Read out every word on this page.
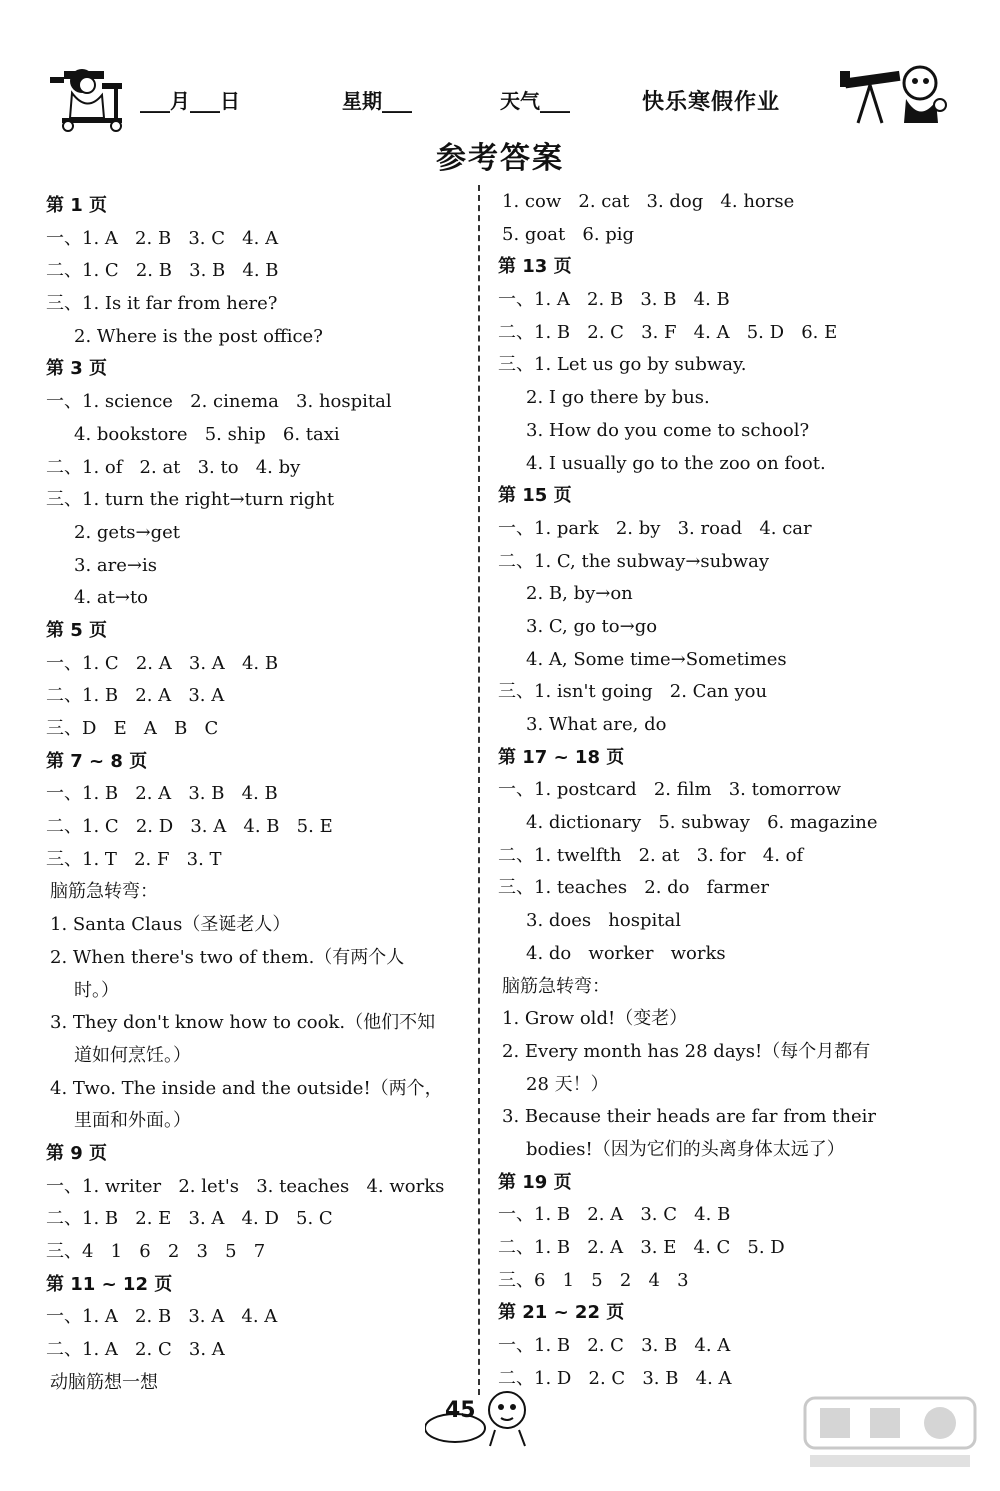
___月___日	星期___	天气___	快乐寒假作业
参考答案
第 1 页
一、1. A   2. B   3. C   4. A
二、1. C   2. B   3. B   4. B
三、1. Is it far from here?
2. Where is the post office?
第 3 页
一、1. science   2. cinema   3. hospital
4. bookstore   5. ship   6. taxi
二、1. of   2. at   3. to   4. by
三、1. turn the right→turn right
2. gets→get
3. are→is
4. at→to
第 5 页
一、1. C   2. A   3. A   4. B
二、1. B   2. A   3. A
三、D   E   A   B   C
第 7 ~ 8 页
一、1. B   2. A   3. B   4. B
二、1. C   2. D   3. A   4. B   5. E
三、1. T   2. F   3. T
脑筋急转弯：
1. Santa Claus（圣诞老人）
2. When there's two of them.（有两个人
时。）
3. They don't know how to cook.（他们不知
道如何烹饪。）
4. Two. The inside and the outside!（两个，
里面和外面。）
第 9 页
一、1. writer   2. let's   3. teaches   4. works
二、1. B   2. E   3. A   4. D   5. C
三、4   1   6   2   3   5   7
第 11 ~ 12 页
一、1. A   2. B   3. A   4. A
二、1. A   2. C   3. A
动脑筋想一想
1. cow   2. cat   3. dog   4. horse
5. goat   6. pig
第 13 页
一、1. A   2. B   3. B   4. B
二、1. B   2. C   3. F   4. A   5. D   6. E
三、1. Let us go by subway.
2. I go there by bus.
3. How do you come to school?
4. I usually go to the zoo on foot.
第 15 页
一、1. park   2. by   3. road   4. car
二、1. C, the subway→subway
2. B, by→on
3. C, go to→go
4. A, Some time→Sometimes
三、1. isn't going   2. Can you
3. What are, do
第 17 ~ 18 页
一、1. postcard   2. film   3. tomorrow
4. dictionary   5. subway   6. magazine
二、1. twelfth   2. at   3. for   4. of
三、1. teaches   2. do   farmer
3. does   hospital
4. do   worker   works
脑筋急转弯：
1. Grow old!（变老）
2. Every month has 28 days!（每个月都有
28 天！）
3. Because their heads are far from their
bodies!（因为它们的头离身体太远了）
第 19 页
一、1. B   2. A   3. C   4. B
二、1. B   2. A   3. E   4. C   5. D
三、6   1   5   2   4   3
第 21 ~ 22 页
一、1. B   2. C   3. B   4. A
二、1. D   2. C   3. B   4. A
45
